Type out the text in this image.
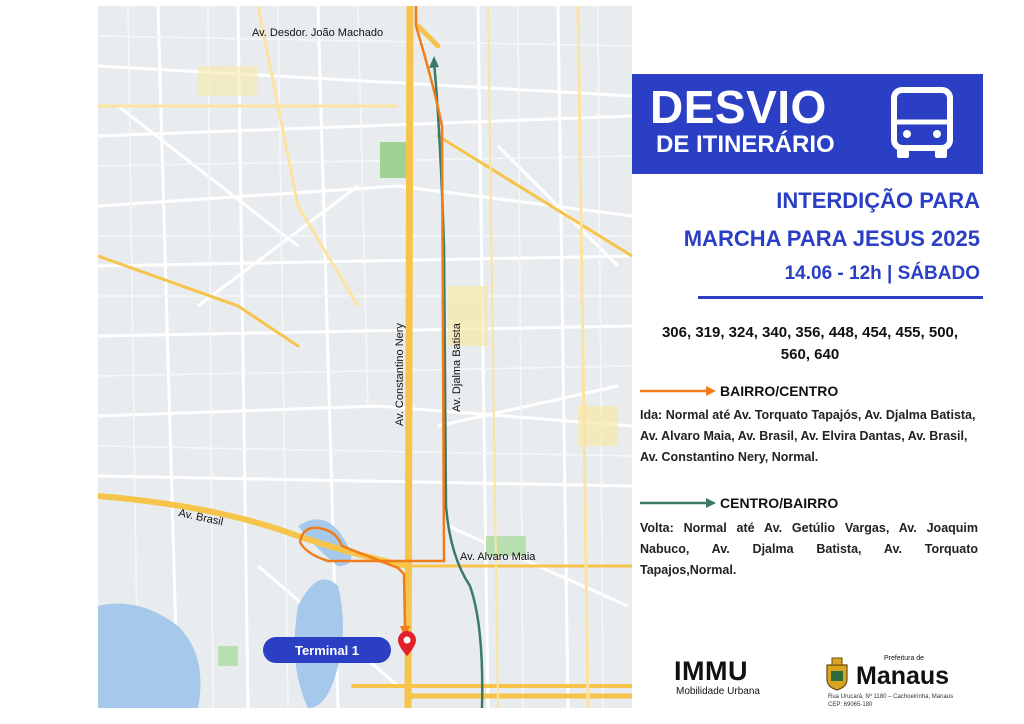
Av. Desdor. João Machado
Av. Constantino Nery	Av. Djalma Batista
Av. Brasil
Av. Alvaro Maia
Terminal 1
DESVIO
DE ITINERÁRIO
INTERDIÇÃO PARA
MARCHA PARA JESUS 2025
14.06 - 12h | SÁBADO
306, 319, 324, 340, 356, 448, 454, 455, 500,
560, 640
BAIRRO/CENTRO
Ida: Normal até Av. Torquato Tapajós, Av. Djalma Batista, Av. Alvaro Maia, Av. Brasil, Av. Elvira Dantas, Av. Brasil, Av. Constantino Nery, Normal.
CENTRO/BAIRRO
Volta: Normal até Av. Getúlio Vargas, Av. Joaquim Nabuco, Av. Djalma Batista, Av. Torquato Tapajos,Normal.
IMMU
Mobilidade Urbana
Prefeitura de
Manaus
Rua Urucará, Nº 1180 – Cachoeirinha, Manaus
CEP: 69065-180
